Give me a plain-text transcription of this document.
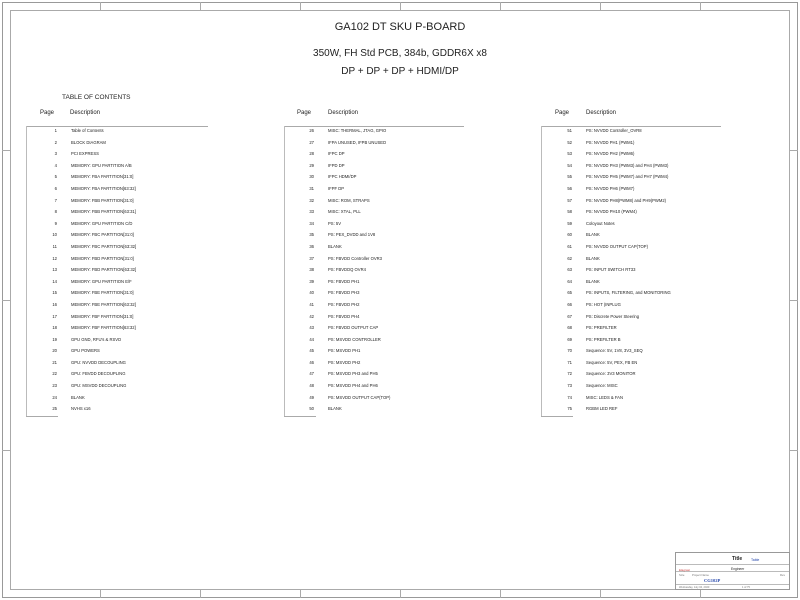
GA102 DT SKU P-BOARD
350W, FH Std PCB, 384b, GDDR6X x8
DP + DP + DP + HDMI/DP
TABLE OF CONTENTS
Page	Description
1	Table of Contents
2	BLOCK DIAGRAM
3	PCI EXPRESS
4	MEMORY: GPU PARTITION A/B
5	MEMORY: FBA PARTITION[31:0]
6	MEMORY: FBA PARTITION[63:32]
7	MEMORY: FBB PARTITION[31:0]
8	MEMORY: FBB PARTITION[63:31]
9	MEMORY: GPU PARTITION C/D
10	MEMORY: FBC PARTITION[31:0]
11	MEMORY: FBC PARTITION[63:32]
12	MEMORY: FBD PARTITION[31:0]
13	MEMORY: FBD PARTITION[63:32]
14	MEMORY: GPU PARTITION E/F
15	MEMORY: FBE PARTITION[31:0]
16	MEMORY: FBE PARTITION[63:32]
17	MEMORY: FBF PARTITION[31:0]
18	MEMORY: FBF PARTITION[63:32]
19	GPU GND, RFU's & RSVD
20	GPU POWERS
21	GPU: NVVDD DECOUPLING
22	GPU: FBVDD DECOUPLING
23	GPU: MSVDD DECOUPLING
24	BLANK
25	NVHS x16
Page	Description
26	MISC: THERMAL, JTAG, GPIO
27	IFPA UNUSED, IFPB UNUSED
28	IFPC DP
29	IFPD DP
30	IFPC HDMI/DP
31	IFPF DP
32	MISC: ROM, STRAPS
33	MISC: XTAL, PLL
34	PS: 5V
35	PS: PEX_DVDD and 1V8
36	BLANK
37	PS: FBVDD Controller OVR3
38	PS: FBVDDQ OVR4
39	PS: FBVDD PH1
40	PS: FBVDD PH3
41	PS: FBVDD PH2
42	PS: FBVDD PH4
43	PS: FBVDD OUTPUT CAP
44	PS: MSVDD CONTROLLER
45	PS: MSVDD PH1
46	PS: MSVDD PH2
47	PS: MSVDD PH3 and PH5
48	PS: MSVDD PH4 and PH6
49	PS: MSVDD OUTPUT CAP(TOP)
50	BLANK
Page	Description
51	PS: NVVDD Controller_OVR8
52	PS: NVVDD PH1 (PWM1)
53	PS: NVVDD PH2 (PWM6)
54	PS: NVVDD PH3 (PWM3) and PH4 (PWM3)
55	PS: NVVDD PH5 (PWM7) and PH7 (PWM4)
56	PS: NVVDD PH6 (PWM7)
57	PS: NVVDD PH8(PWM8) and PH9(PWM2)
58	PS: NVVDD PH10 (PWM4)
59	Coloyout Notes
60	BLANK
61	PS: NVVDD OUTPUT CAP(TOP)
62	BLANK
63	PS: INPUT SWITCH RT33
64	BLANK
65	PS: INPUTS, FILTERING, and MONITORING
66	PS: HOT (INPLUG
67	PS: Discrete Power Steering
68	PS: PREFILTER
69	PS: PREFILTER B
70	Sequence: 5V, 1V8, 3V3_SEQ
71	Sequence: 5V, PEX, FB EN
72	Sequence: 3V3 MONITOR
73	Sequence: MISC
74	MISC: LEDS & FAN
75	RGBM LED REF
Title	Table
Elagrast	Engineer
Size	Project Name
CG102P
Rev
Wednesday, July 04, 2020	1 of 75
